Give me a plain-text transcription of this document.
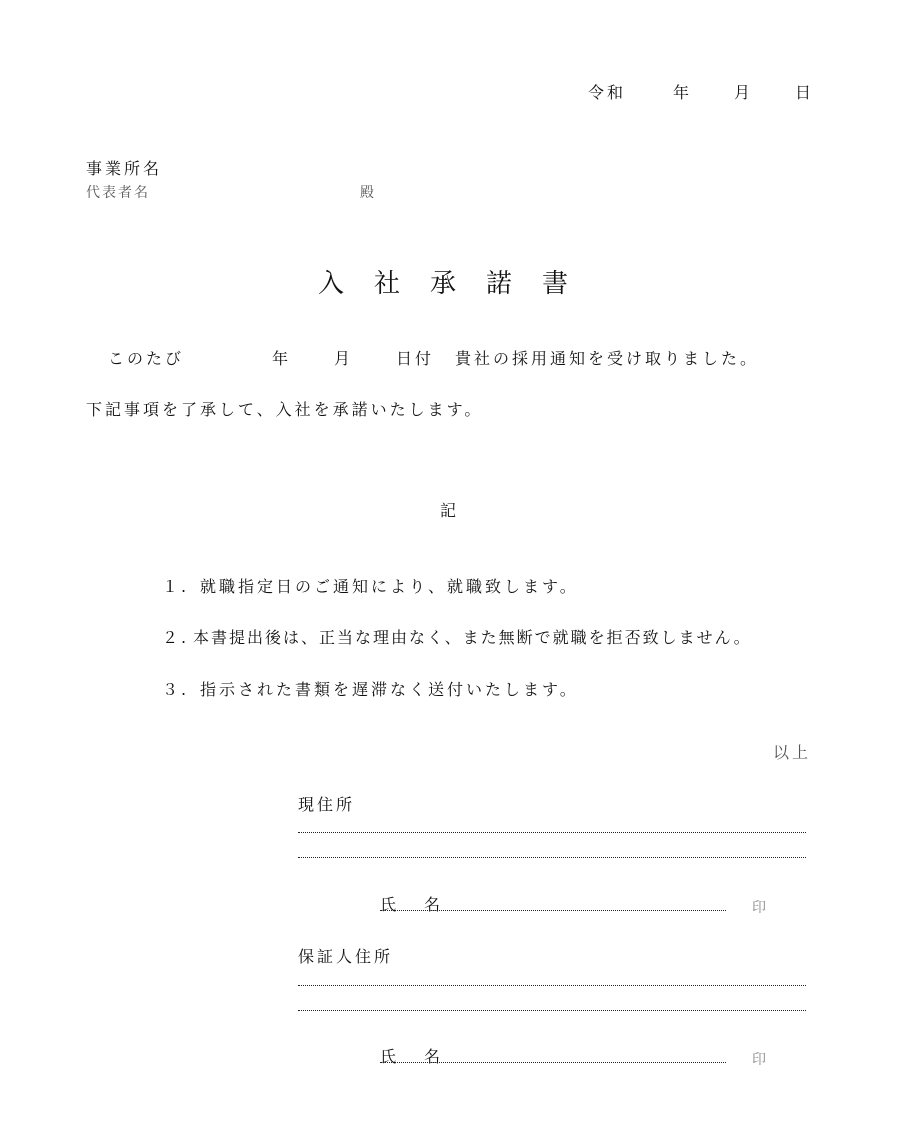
令和	年	月	日
事業所名
代表者名	殿
入社承諾書
このたび	年	月	日付 貴社の採用通知を受け取りました。
下記事項を了承して、入社を承諾いたします。
記
１. 就職指定日のご通知により、就職致します。
２. 本書提出後は、正当な理由なく、また無断で就職を拒否致しません。
３. 指示された書類を遅滞なく送付いたします。
以上
現住所
氏　名	印
保証人住所
氏　名	印
